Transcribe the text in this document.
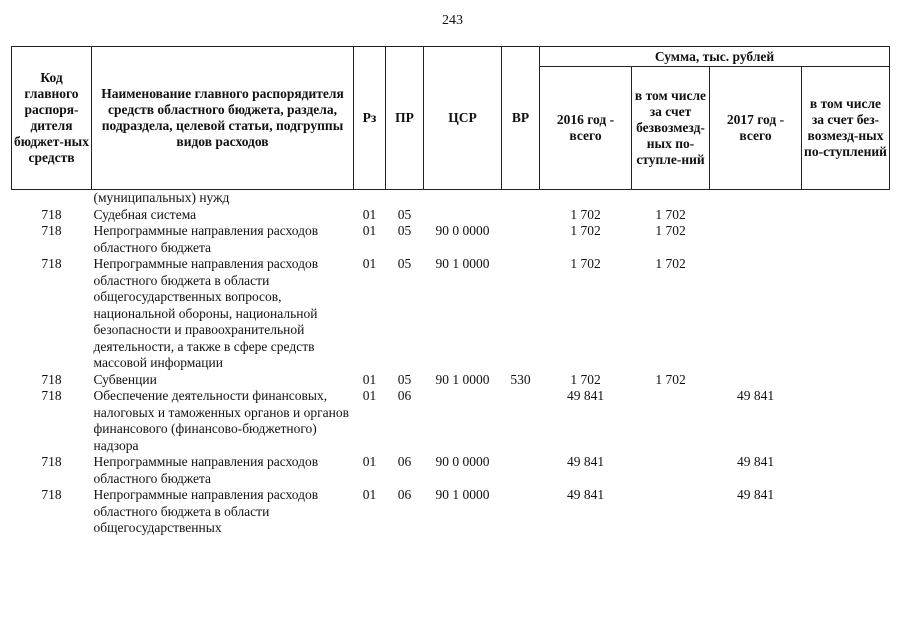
243
Код главного распоря-дителя бюджет-ных средств	Наименование главного распорядителя средств областного бюджета, раздела, подраздела, целевой статьи, подгруппы видов расходов	Рз	ПР	ЦСР	ВР	Сумма, тыс. рублей			
						2016 год - всего	в том числе за счет безвозмезд-ных по-ступле-ний	2017 год - всего	в том числе за счет без-возмезд-ных по-ступлений
	(муниципальных) нужд								
718	Судебная система	01	05			1 702	1 702		
718	Непрограммные направления расходов областного бюджета	01	05	90 0 0000		1 702	1 702		
718	Непрограммные направления расходов областного бюджета в области общегосударственных вопросов, национальной обороны, национальной безопасности и правоохранительной деятельности, а также в сфере средств массовой информации	01	05	90 1 0000		1 702	1 702		
718	Субвенции	01	05	90 1 0000	530	1 702	1 702		
718	Обеспечение деятельности финансовых, налоговых и таможенных органов и органов финансового (финансово-бюджетного) надзора	01	06			49 841		49 841	
718	Непрограммные направления расходов областного бюджета	01	06	90 0 0000		49 841		49 841	
718	Непрограммные направления расходов областного бюджета в области общегосударственных	01	06	90 1 0000		49 841		49 841	
